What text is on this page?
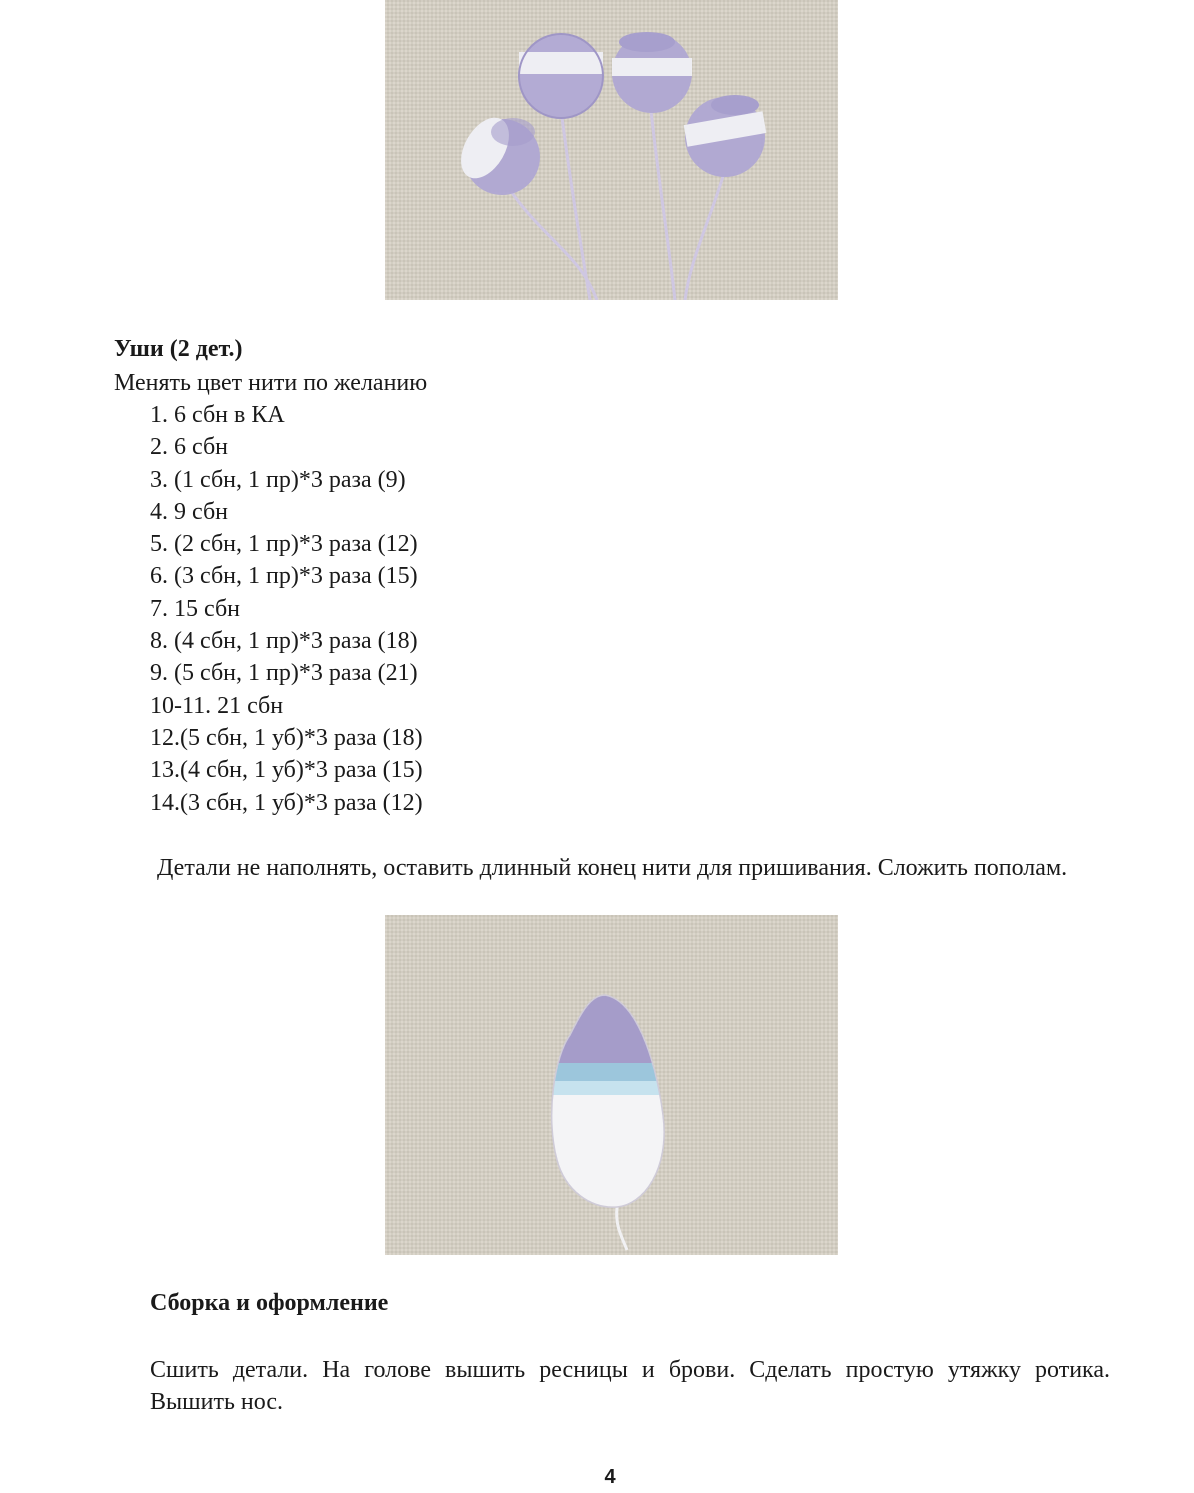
Уши (2 дет.)
Менять цвет нити по желанию
1. 6 сбн в КА
2. 6 сбн
3. (1 сбн, 1 пр)*3 раза (9)
4. 9 сбн
5. (2 сбн, 1 пр)*3 раза (12)
6. (3 сбн, 1 пр)*3 раза (15)
7. 15 сбн
8. (4 сбн, 1 пр)*3 раза (18)
9. (5 сбн, 1 пр)*3 раза (21)
10-11. 21 сбн
12.(5 сбн, 1 уб)*3 раза (18)
13.(4 сбн, 1 уб)*3 раза (15)
14.(3 сбн, 1 уб)*3 раза (12)
Детали не наполнять, оставить длинный конец нити для пришивания. Сложить пополам.
Сборка и оформление
Сшить детали. На голове вышить ресницы и брови. Сделать простую утяжку ротика. Вышить нос.
4
